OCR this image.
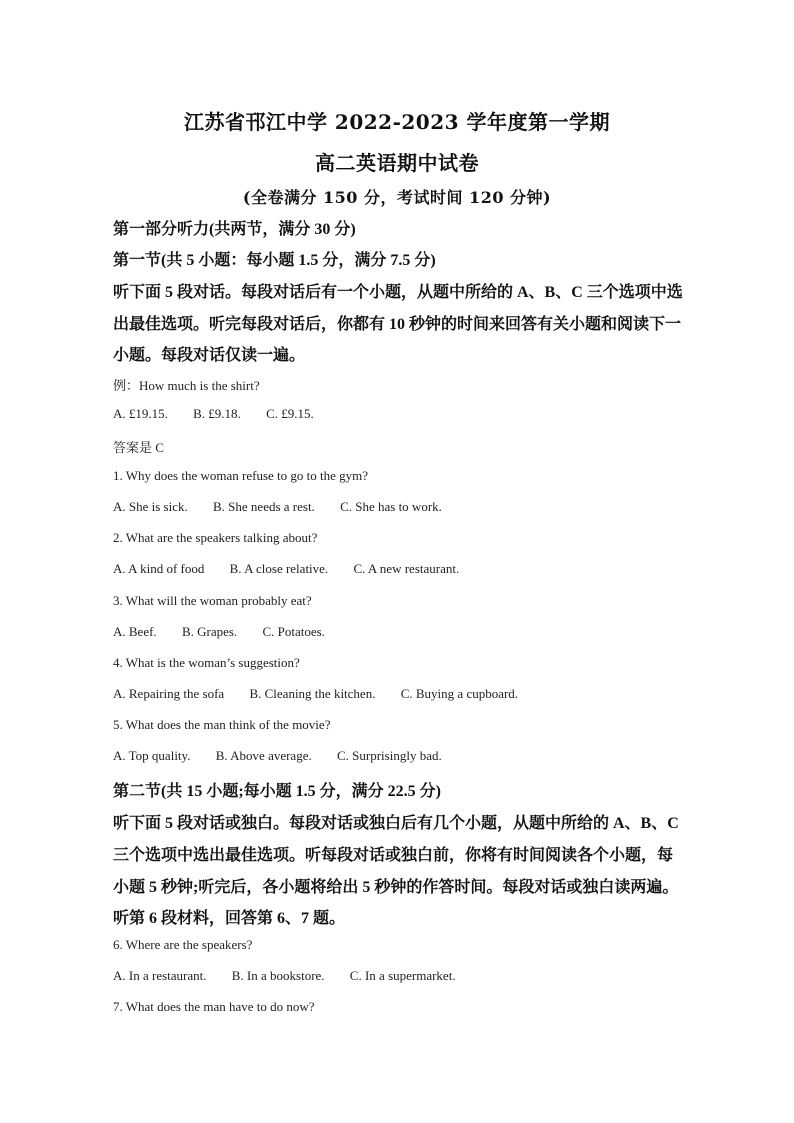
江苏省邗江中学 2022-2023 学年度第一学期
高二英语期中试卷
(全卷满分 150 分，考试时间 120 分钟)
第一部分听力(共两节，满分 30 分)
第一节(共 5 小题：每小题 1.5 分，满分 7.5 分)
听下面 5 段对话。每段对话后有一个小题，从题中所给的 A、B、C 三个选项中选
出最佳选项。听完每段对话后，你都有 10 秒钟的时间来回答有关小题和阅读下一
小题。每段对话仅读一遍。
例：How much is the shirt?
A. £19.15. B. £9.18. C. £9.15.
答案是 C
1. Why does the woman refuse to go to the gym?
A. She is sick. B. She needs a rest. C. She has to work.
2. What are the speakers talking about?
A. A kind of food B. A close relative. C. A new restaurant.
3. What will the woman probably eat?
A. Beef. B. Grapes. C. Potatoes.
4. What is the woman’s suggestion?
A. Repairing the sofa B. Cleaning the kitchen. C. Buying a cupboard.
5. What does the man think of the movie?
A. Top quality. B. Above average. C. Surprisingly bad.
第二节(共 15 小题;每小题 1.5 分，满分 22.5 分)
听下面 5 段对话或独白。每段对话或独白后有几个小题，从题中所给的 A、B、C
三个选项中选出最佳选项。听每段对话或独白前，你将有时间阅读各个小题，每
小题 5 秒钟;听完后，各小题将给出 5 秒钟的作答时间。每段对话或独白读两遍。
听第 6 段材料，回答第 6、7 题。
6. Where are the speakers?
A. In a restaurant. B. In a bookstore. C. In a supermarket.
7. What does the man have to do now?
